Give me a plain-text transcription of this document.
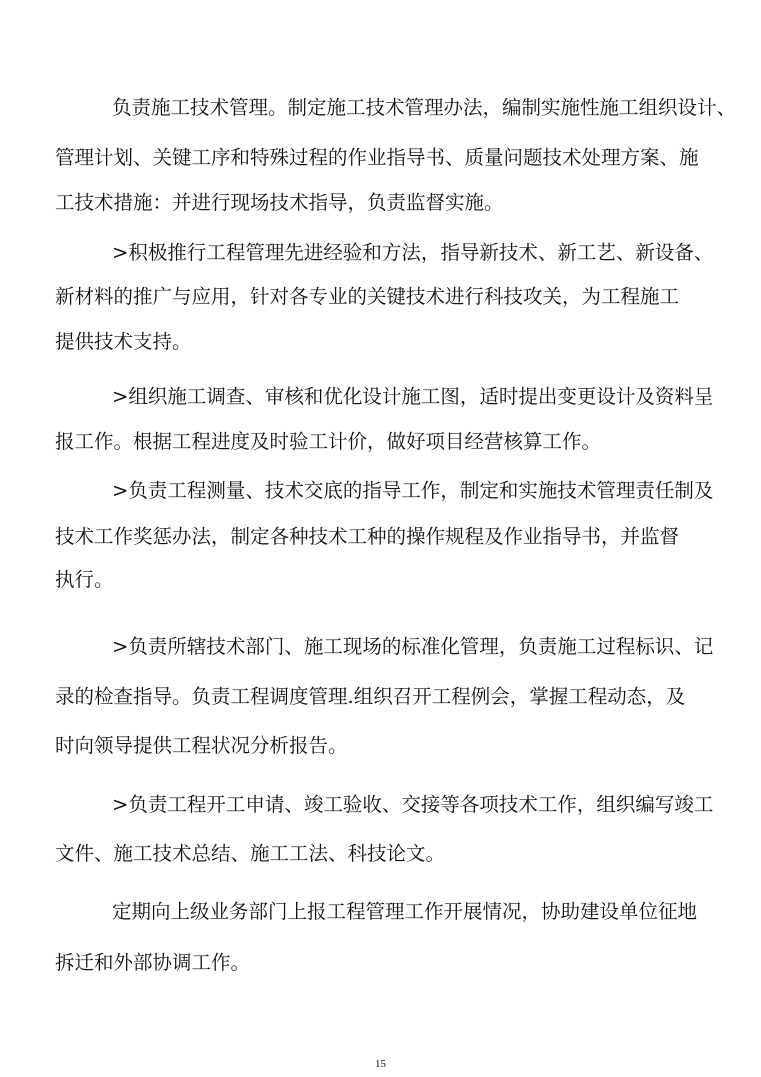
负责施工技术管理。制定施工技术管理办法，编制实施性施工组织设计、
管理计划、关键工序和特殊过程的作业指导书、质量问题技术处理方案、施
工技术措施：并进行现场技术指导，负责监督实施。
>积极推行工程管理先进经验和方法，指导新技术、新工艺、新设备、
新材料的推广与应用，针对各专业的关键技术进行科技攻关，为工程施工
提供技术支持。
>组织施工调查、审核和优化设计施工图，适时提出变更设计及资料呈
报工作。根据工程进度及时验工计价，做好项目经营核算工作。
>负责工程测量、技术交底的指导工作，制定和实施技术管理责任制及
技术工作奖惩办法，制定各种技术工种的操作规程及作业指导书，并监督
执行。
>负责所辖技术部门、施工现场的标准化管理，负责施工过程标识、记
录的检查指导。负责工程调度管理.组织召开工程例会，掌握工程动态，及
时向领导提供工程状况分析报告。
>负责工程开工申请、竣工验收、交接等各项技术工作，组织编写竣工
文件、施工技术总结、施工工法、科技论文。
定期向上级业务部门上报工程管理工作开展情况，协助建设单位征地
拆迁和外部协调工作。
15
